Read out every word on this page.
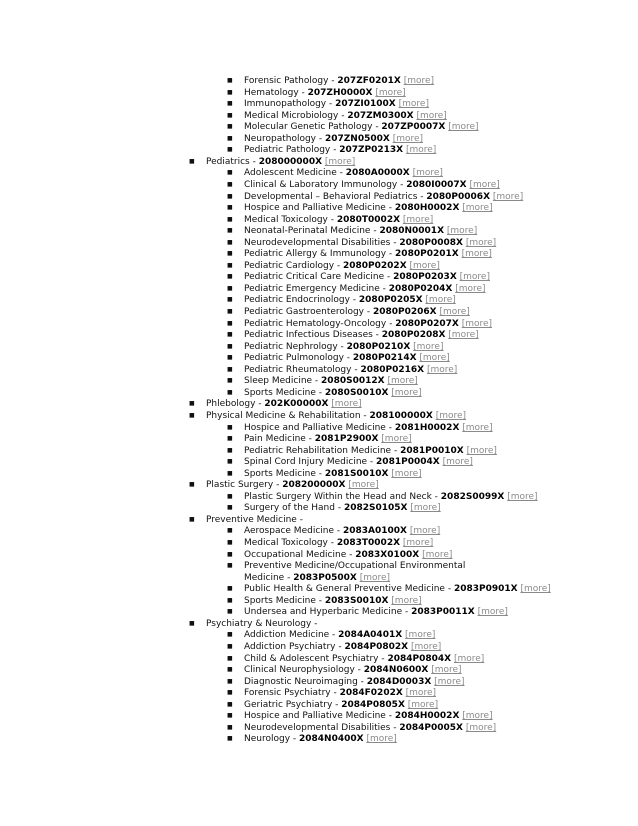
■ Forensic Pathology - 207ZF0201X [more]
■ Hematology - 207ZH0000X [more]
■ Immunopathology - 207ZI0100X [more]
■ Medical Microbiology - 207ZM0300X [more]
■ Molecular Genetic Pathology - 207ZP0007X [more]
■ Neuropathology - 207ZN0500X [more]
■ Pediatric Pathology - 207ZP0213X [more]
■ Pediatrics - 208000000X [more]
■ Adolescent Medicine - 2080A0000X [more]
■ Clinical & Laboratory Immunology - 2080I0007X [more]
■ Developmental – Behavioral Pediatrics - 2080P0006X [more]
■ Hospice and Palliative Medicine - 2080H0002X [more]
■ Medical Toxicology - 2080T0002X [more]
■ Neonatal-Perinatal Medicine - 2080N0001X [more]
■ Neurodevelopmental Disabilities - 2080P0008X [more]
■ Pediatric Allergy & Immunology - 2080P0201X [more]
■ Pediatric Cardiology - 2080P0202X [more]
■ Pediatric Critical Care Medicine - 2080P0203X [more]
■ Pediatric Emergency Medicine - 2080P0204X [more]
■ Pediatric Endocrinology - 2080P0205X [more]
■ Pediatric Gastroenterology - 2080P0206X [more]
■ Pediatric Hematology-Oncology - 2080P0207X [more]
■ Pediatric Infectious Diseases - 2080P0208X [more]
■ Pediatric Nephrology - 2080P0210X [more]
■ Pediatric Pulmonology - 2080P0214X [more]
■ Pediatric Rheumatology - 2080P0216X [more]
■ Sleep Medicine - 2080S0012X [more]
■ Sports Medicine - 2080S0010X [more]
■ Phlebology - 202K00000X [more]
■ Physical Medicine & Rehabilitation - 208100000X [more]
■ Hospice and Palliative Medicine - 2081H0002X [more]
■ Pain Medicine - 2081P2900X [more]
■ Pediatric Rehabilitation Medicine - 2081P0010X [more]
■ Spinal Cord Injury Medicine - 2081P0004X [more]
■ Sports Medicine - 2081S0010X [more]
■ Plastic Surgery - 208200000X [more]
■ Plastic Surgery Within the Head and Neck - 2082S0099X [more]
■ Surgery of the Hand - 2082S0105X [more]
■ Preventive Medicine -
■ Aerospace Medicine - 2083A0100X [more]
■ Medical Toxicology - 2083T0002X [more]
■ Occupational Medicine - 2083X0100X [more]
■ Preventive Medicine/Occupational Environmental
Medicine - 2083P0500X [more]
■ Public Health & General Preventive Medicine - 2083P0901X [more]
■ Sports Medicine - 2083S0010X [more]
■ Undersea and Hyperbaric Medicine - 2083P0011X [more]
■ Psychiatry & Neurology -
■ Addiction Medicine - 2084A0401X [more]
■ Addiction Psychiatry - 2084P0802X [more]
■ Child & Adolescent Psychiatry - 2084P0804X [more]
■ Clinical Neurophysiology - 2084N0600X [more]
■ Diagnostic Neuroimaging - 2084D0003X [more]
■ Forensic Psychiatry - 2084F0202X [more]
■ Geriatric Psychiatry - 2084P0805X [more]
■ Hospice and Palliative Medicine - 2084H0002X [more]
■ Neurodevelopmental Disabilities - 2084P0005X [more]
■ Neurology - 2084N0400X [more]
